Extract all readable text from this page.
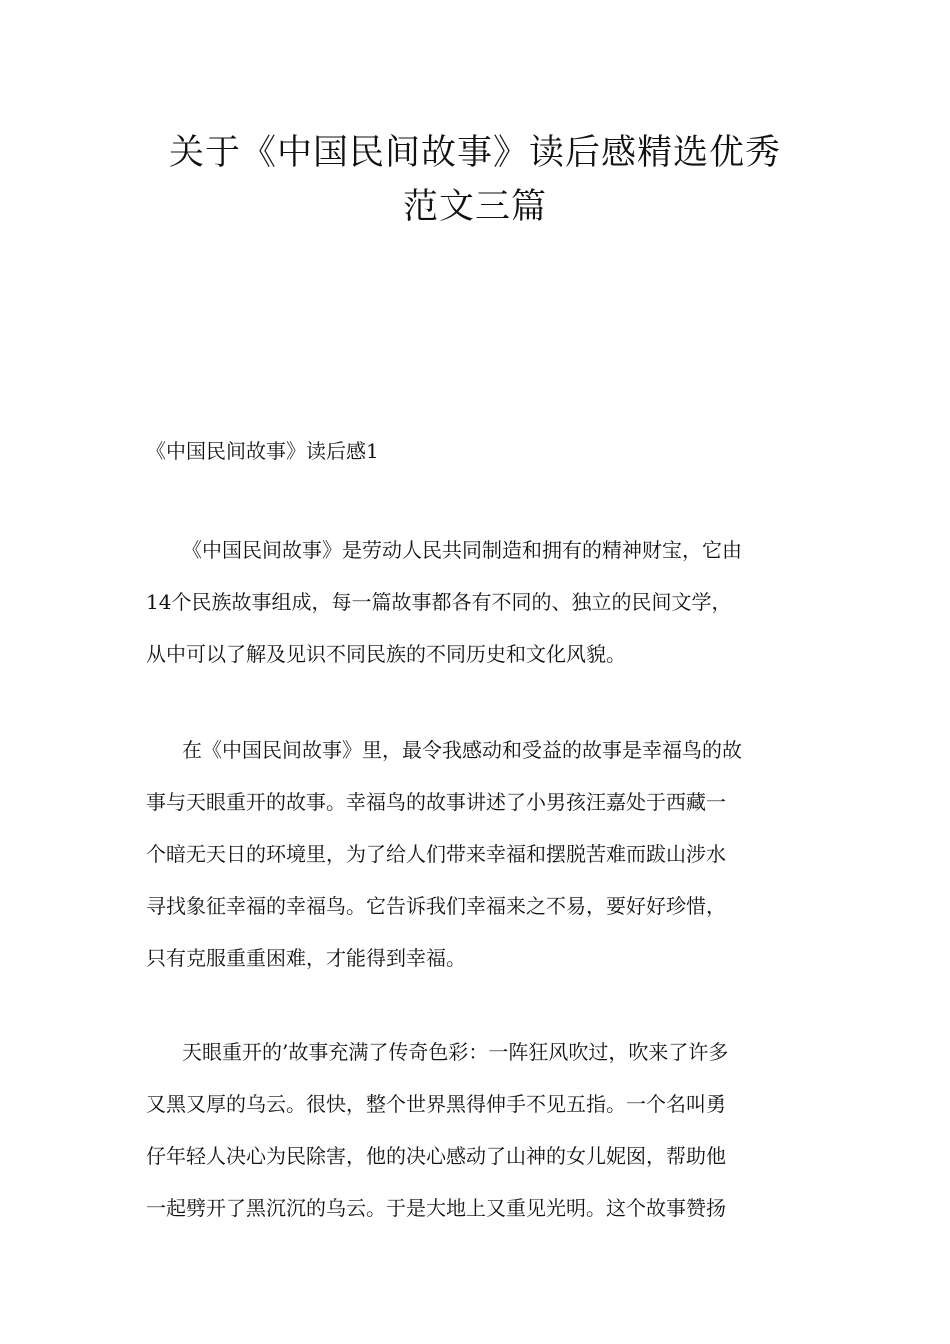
关于《中国民间故事》读后感精选优秀
范文三篇
《中国民间故事》读后感1
《中国民间故事》是劳动人民共同制造和拥有的精神财宝，它由
14个民族故事组成，每一篇故事都各有不同的、独立的民间文学，
从中可以了解及见识不同民族的不同历史和文化风貌。
在《中国民间故事》里，最令我感动和受益的故事是幸福鸟的故
事与天眼重开的故事。幸福鸟的故事讲述了小男孩汪嘉处于西藏一
个暗无天日的环境里，为了给人们带来幸福和摆脱苦难而跋山涉水
寻找象征幸福的幸福鸟。它告诉我们幸福来之不易，要好好珍惜，
只有克服重重困难，才能得到幸福。
天眼重开的’故事充满了传奇色彩：一阵狂风吹过，吹来了许多
又黑又厚的乌云。很快，整个世界黑得伸手不见五指。一个名叫勇
仔年轻人决心为民除害，他的决心感动了山神的女儿妮囡，帮助他
一起劈开了黑沉沉的乌云。于是大地上又重见光明。这个故事赞扬
